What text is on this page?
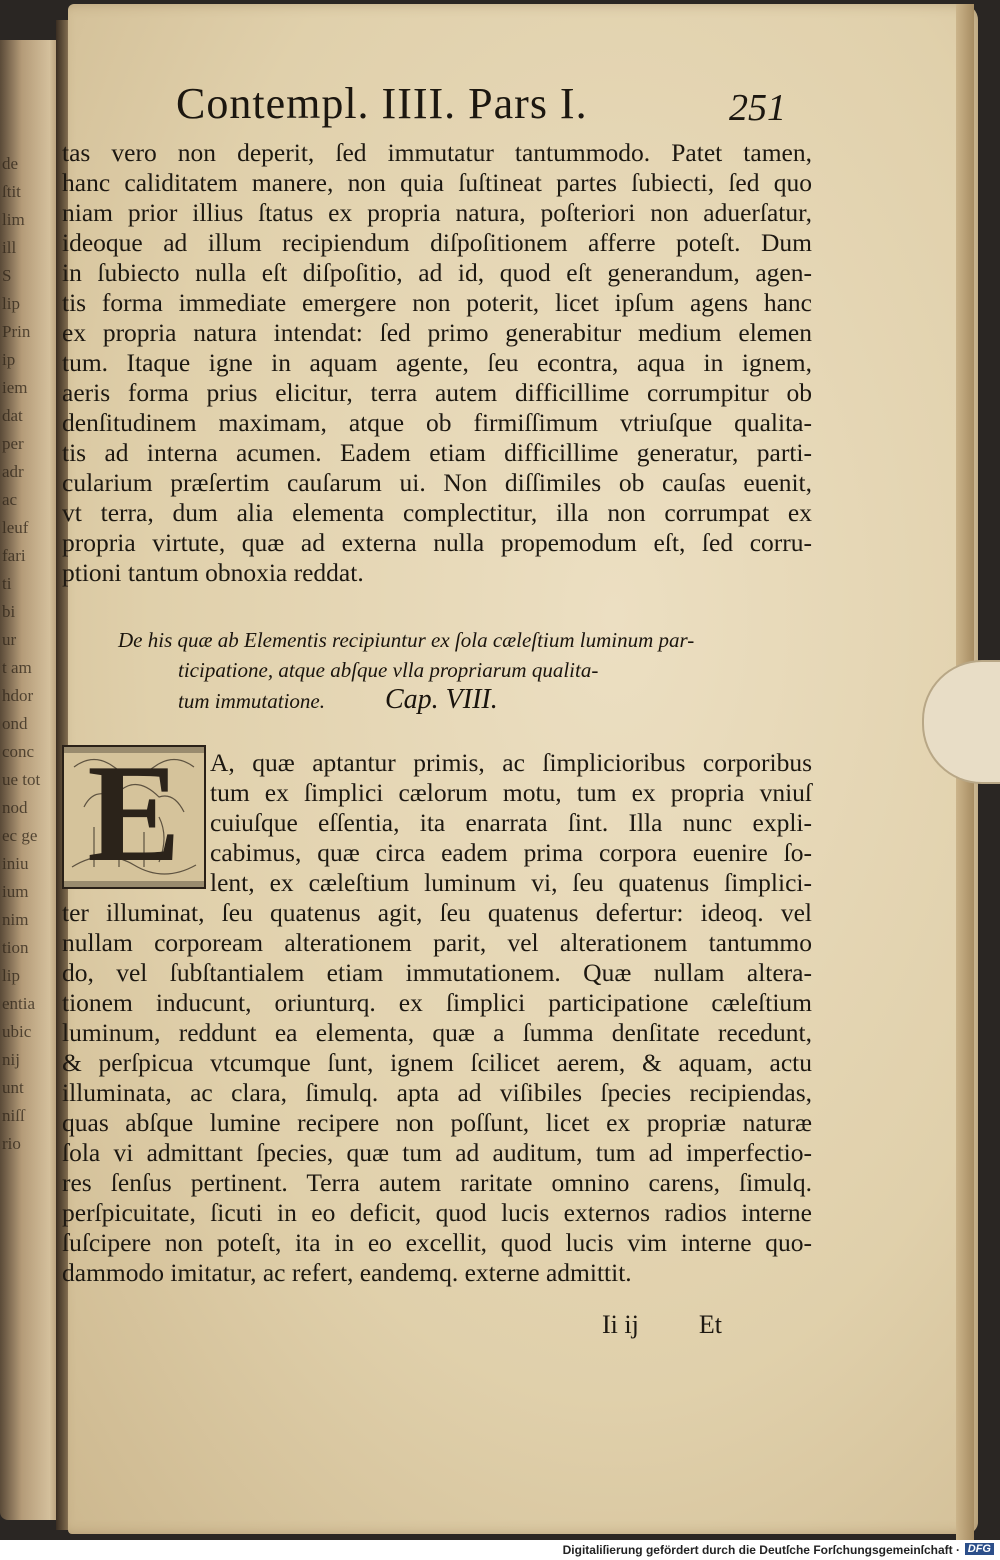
de
ſtit
lim
ill
S
lip
Prin
ip
iem
dat
per
adr
ac
leuf
fari
ti
bi
ur
t am
hdor
ond
conc
ue tot
nod
ec ge
iniu
ium
nim
tion
lip
entia
ubic
nij
unt
niſſ
rio
Contempl. IIII. Pars I.	251
tas vero non deperit, ſed immutatur tantummodo. Patet tamen,
hanc caliditatem manere, non quia ſuſtineat partes ſubiecti, ſed quo
niam prior illius ſtatus ex propria natura, poſteriori non aduerſatur,
ideoque ad illum recipiendum diſpoſitionem afferre poteſt. Dum
in ſubiecto nulla eſt diſpoſitio, ad id, quod eſt generandum, agen-
tis forma immediate emergere non poterit, licet ipſum agens hanc
ex propria natura intendat: ſed primo generabitur medium elemen
tum. Itaque igne in aquam agente, ſeu econtra, aqua in ignem,
aeris forma prius elicitur, terra autem difficillime corrumpitur ob
denſitudinem maximam, atque ob firmiſſimum vtriuſque qualita-
tis ad interna acumen. Eadem etiam difficillime generatur, parti-
cularium præſertim cauſarum ui. Non diſſimiles ob cauſas euenit,
vt terra, dum alia elementa complectitur, illa non corrumpat ex
propria virtute, quæ ad externa nulla propemodum eſt, ſed corru-
ptioni tantum obnoxia reddat.
De his quæ ab Elementis recipiuntur ex ſola cæleſtium luminum par-
ticipatione, atque abſque vlla propriarum qualita-
tum immutatione. Cap. VIII.
E	A, quæ aptantur primis, ac ſimplicioribus corporibus
tum ex ſimplici cælorum motu, tum ex propria vniuſ
cuiuſque eſſentia, ita enarrata ſint. Illa nunc expli-
cabimus, quæ circa eadem prima corpora euenire ſo-
lent, ex cæleſtium luminum vi, ſeu quatenus ſimplici-
ter illuminat, ſeu quatenus agit, ſeu quatenus defertur: ideoq. vel
nullam corpoream alterationem parit, vel alterationem tantummo
do, vel ſubſtantialem etiam immutationem. Quæ nullam altera-
tionem inducunt, oriunturq. ex ſimplici participatione cæleſtium
luminum, reddunt ea elementa, quæ a ſumma denſitate recedunt,
& perſpicua vtcumque ſunt, ignem ſcilicet aerem, & aquam, actu
illuminata, ac clara, ſimulq. apta ad viſibiles ſpecies recipiendas,
quas abſque lumine recipere non poſſunt, licet ex propriæ naturæ
ſola vi admittant ſpecies, quæ tum ad auditum, tum ad imperfectio-
res ſenſus pertinent. Terra autem raritate omnino carens, ſimulq.
perſpicuitate, ſicuti in eo deficit, quod lucis externos radios interne
ſuſcipere non poteſt, ita in eo excellit, quod lucis vim interne quo-
dammodo imitatur, ac refert, eandemq. externe admittit.
Ii ij Et
Digitaliſierung gefördert durch die Deutſche Forſchungsgemeinſchaft · DFG
